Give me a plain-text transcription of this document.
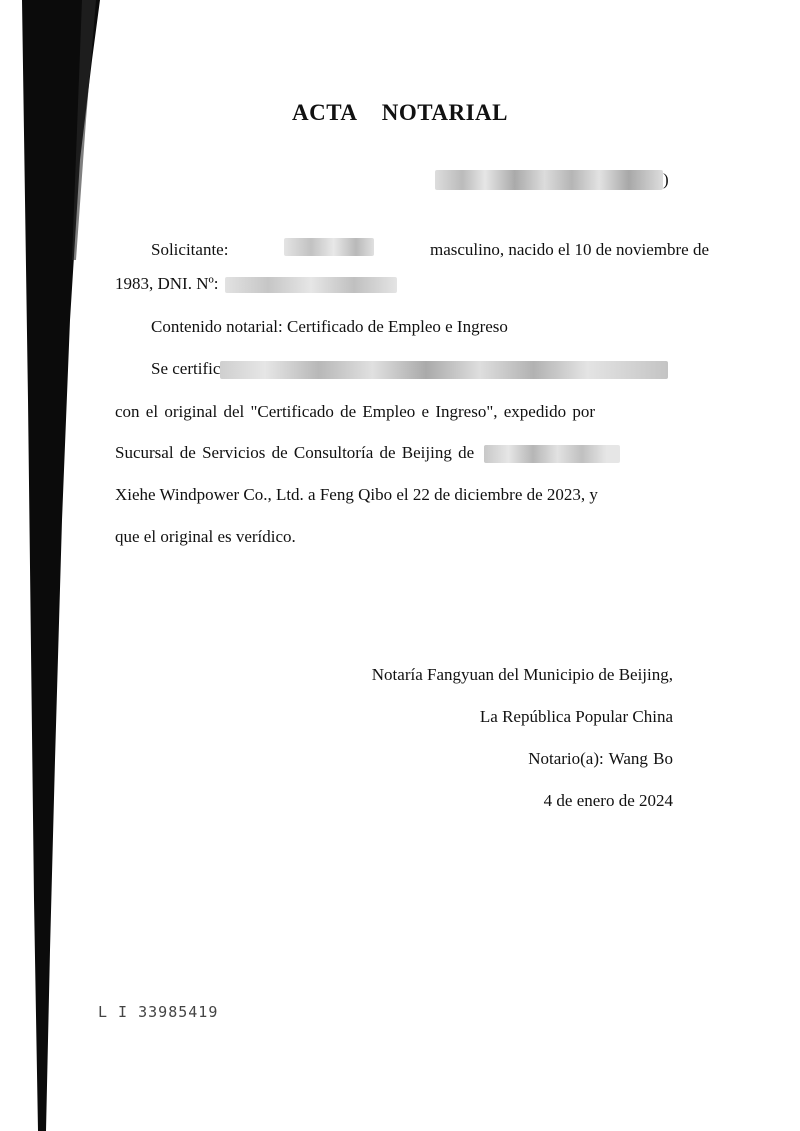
ACTA NOTARIAL
)
Solicitante:	masculino, nacido el 10 de noviembre de
1983, DNI. Nº:
Contenido notarial: Certificado de Empleo e Ingreso
Se certific
con el original del "Certificado de Empleo e Ingreso", expedido por
Sucursal de Servicios de Consultoría de Beijing de
Xiehe Windpower Co., Ltd. a Feng Qibo el 22 de diciembre de 2023, y
que el original es verídico.
Notaría Fangyuan del Municipio de Beijing,
La República Popular China
Notario(a): Wang Bo
4 de enero de 2024
L I 33985419
